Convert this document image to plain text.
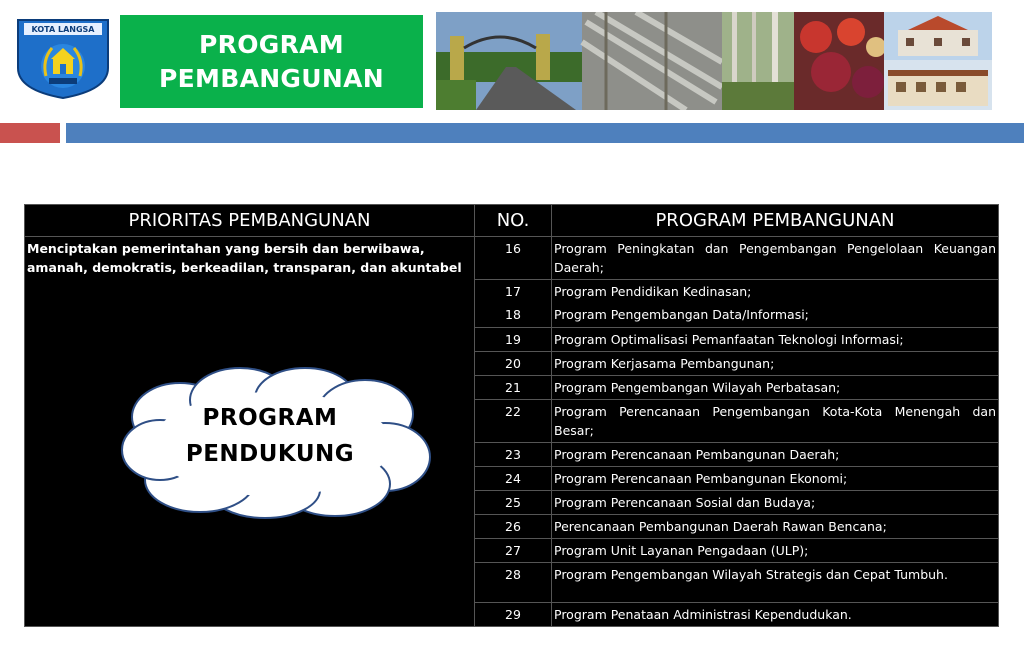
KOTA LANGSA	PROGRAM
PEMBANGUNAN
PRIORITAS PEMBANGUNAN	NO.	PROGRAM PEMBANGUNAN
Menciptakan pemerintahan yang bersih dan berwibawa, amanah, demokratis, berkeadilan, transparan, dan akuntabel	16	Program Peningkatan dan Pengembangan Pengelolaan Keuangan Daerah;
	17	Program Pendidikan Kedinasan;
	18	Program Pengembangan Data/Informasi;
	19	Program Optimalisasi Pemanfaatan Teknologi Informasi;
	20	Program Kerjasama Pembangunan;
	21	Program Pengembangan Wilayah Perbatasan;
	22	Program Perencanaan Pengembangan Kota-Kota Menengah dan Besar;
	23	Program Perencanaan Pembangunan Daerah;
	24	Program Perencanaan Pembangunan Ekonomi;
	25	Program Perencanaan Sosial dan Budaya;
	26	Perencanaan Pembangunan Daerah Rawan Bencana;
	27	Program Unit Layanan Pengadaan (ULP);
	28	Program Pengembangan Wilayah Strategis dan Cepat Tumbuh.
	29	Program Penataan Administrasi Kependudukan.
PROGRAM
PENDUKUNG
